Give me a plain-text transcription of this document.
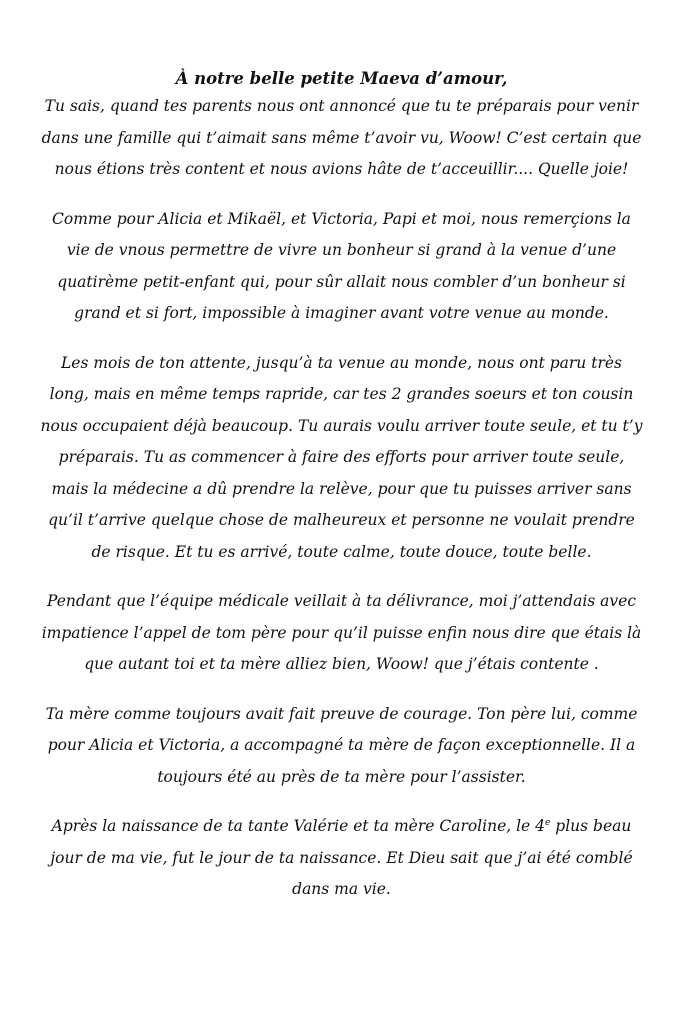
À notre belle petite Maeva d’amour,

Tu sais, quand tes parents nous ont annoncé que tu te préparais pour venir dans une famille qui t’aimait sans même t’avoir vu, Woow! C’est certain que nous étions très content et nous avions hâte de t’acceuillir.... Quelle joie!

Comme pour Alicia et Mikaël, et Victoria, Papi et moi, nous remerçions la vie de vnous permettre de vivre un bonheur si grand à la venue d’une quatirème petit-enfant qui, pour sûr allait nous combler d’un bonheur si grand et si fort, impossible à imaginer avant votre venue au monde.

Les mois de ton attente, jusqu’à ta venue au monde, nous ont paru très long, mais en même temps rapride, car tes 2 grandes soeurs et ton cousin nous occupaient déjà beaucoup. Tu aurais voulu arriver toute seule, et tu t’y préparais. Tu as commencer à faire des efforts pour arriver toute seule, mais la médecine a dû prendre la relève, pour que tu puisses arriver sans qu’il t’arrive quelque chose de malheureux et personne ne voulait prendre de risque. Et tu es arrivé, toute calme, toute douce, toute belle.

Pendant que l’équipe médicale veillait à ta délivrance, moi j’attendais avec impatience l’appel de tom père pour qu’il puisse enfin nous dire que étais là que autant toi et ta mère alliez bien, Woow! que j’étais contente .

Ta mère comme toujours avait fait preuve de courage. Ton père lui, comme pour Alicia et Victoria, a accompagné ta mère de façon exceptionnelle. Il a toujours été au près de ta mère pour l’assister.

Après la naissance de ta tante Valérie et ta mère Caroline, le 4e plus beau jour de ma vie, fut le jour de ta naissance. Et Dieu sait que j’ai été comblé dans ma vie.
